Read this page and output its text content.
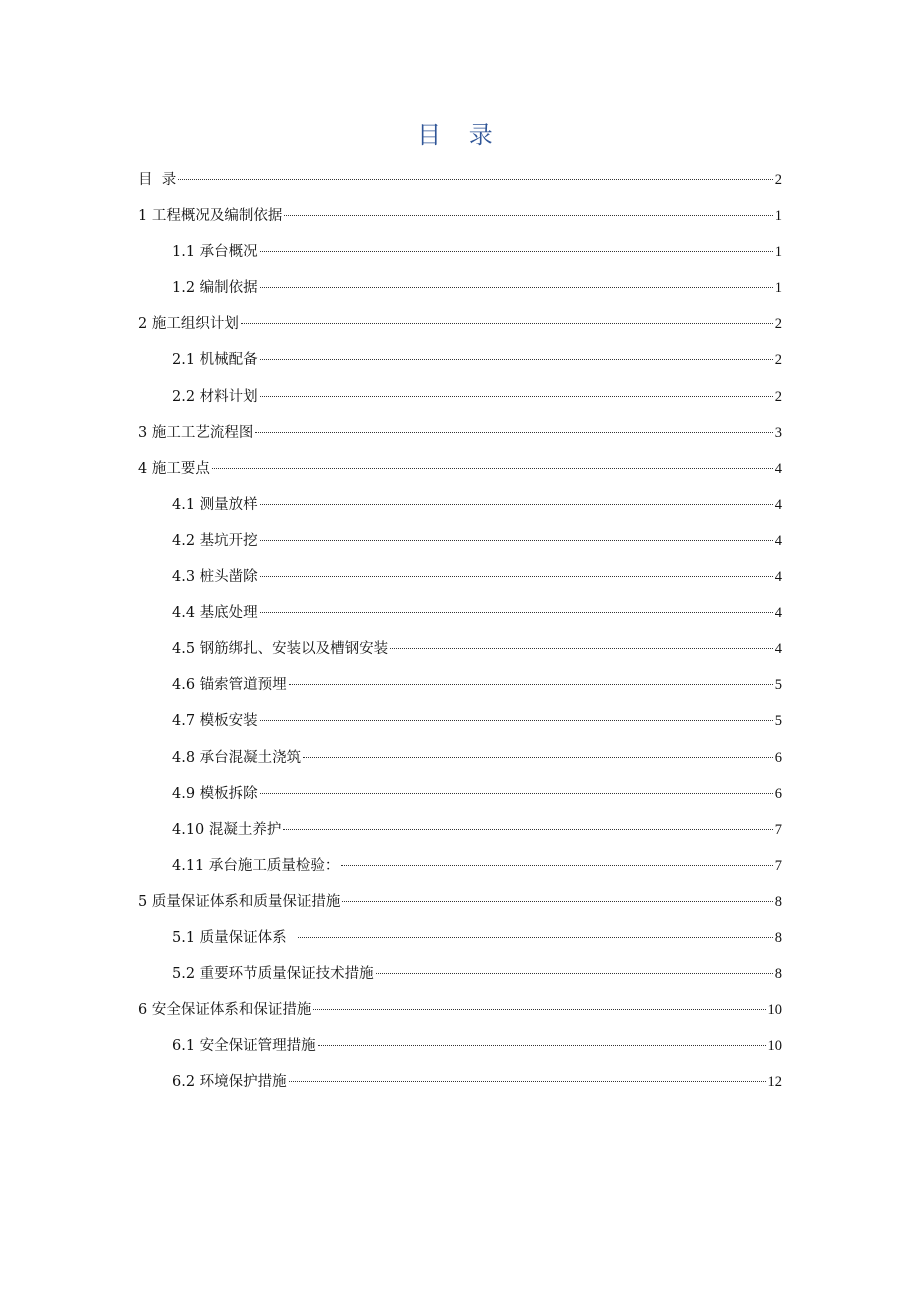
目 录
目  录	2
1 工程概况及编制依据	1
1.1 承台概况	1
1.2 编制依据	1
2 施工组织计划	2
2.1 机械配备	2
2.2 材料计划	2
3 施工工艺流程图	3
4 施工要点	4
4.1 测量放样	4
4.2 基坑开挖	4
4.3 桩头凿除	4
4.4 基底处理	4
4.5 钢筋绑扎、安装以及槽钢安装	4
4.6 锚索管道预埋	5
4.7 模板安装	5
4.8 承台混凝土浇筑	6
4.9 模板拆除	6
4.10 混凝土养护	7
4.11 承台施工质量检验：	7
5 质量保证体系和质量保证措施	8
5.1 质量保证体系	8
5.2 重要环节质量保证技术措施	8
6 安全保证体系和保证措施	10
6.1 安全保证管理措施	10
6.2 环境保护措施	12
